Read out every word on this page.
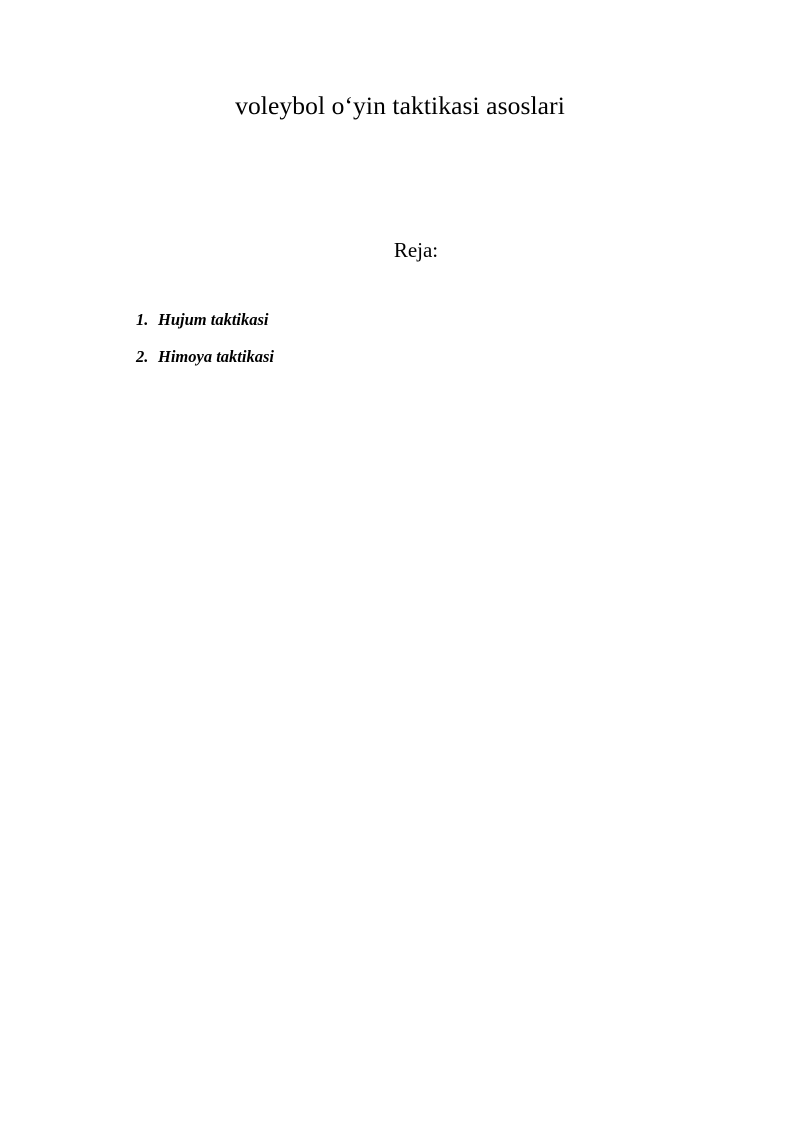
voleybol o‘yin taktikasi asoslari
Reja:
1. Hujum taktikasi
2. Himoya taktikasi
